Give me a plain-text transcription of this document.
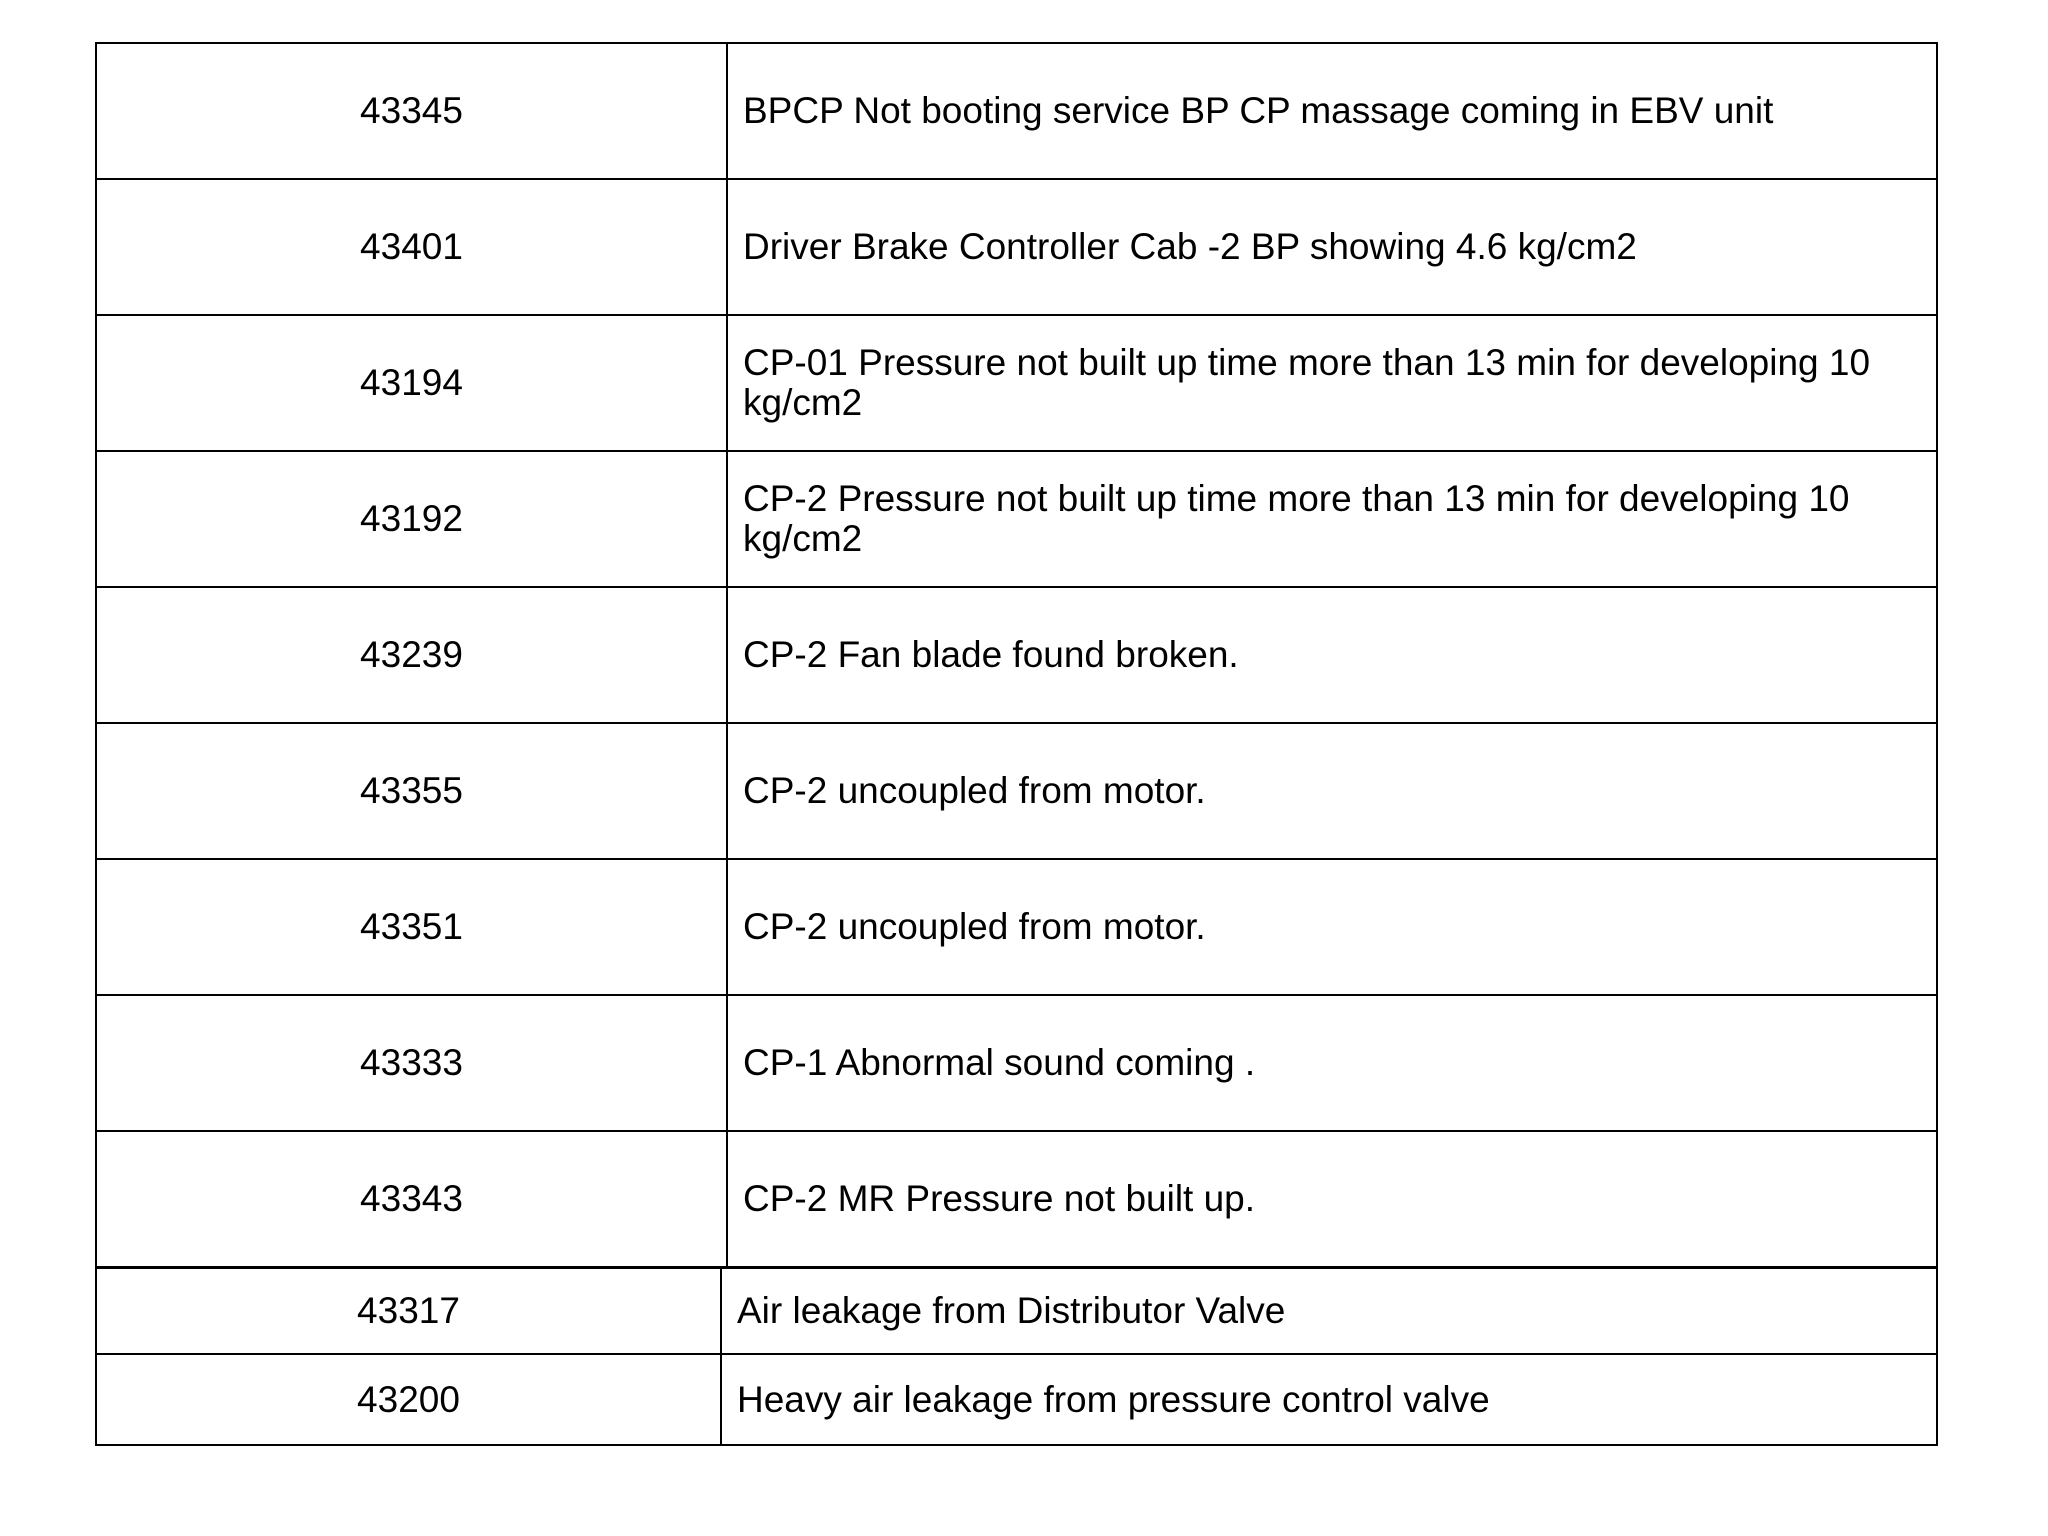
43345	BPCP Not booting service BP CP massage coming in EBV unit
43401	Driver Brake Controller Cab -2 BP showing 4.6 kg/cm2
43194	CP-01 Pressure not built up time more than 13 min for developing 10 kg/cm2
43192	CP-2 Pressure not built up time more than 13 min for developing 10 kg/cm2
43239	CP-2 Fan blade found broken.
43355	CP-2 uncoupled from motor.
43351	CP-2 uncoupled from motor.
43333	CP-1 Abnormal sound coming .
43343	CP-2 MR Pressure not built up.
43317	Air leakage from Distributor Valve
43200	Heavy air leakage from pressure control valve
